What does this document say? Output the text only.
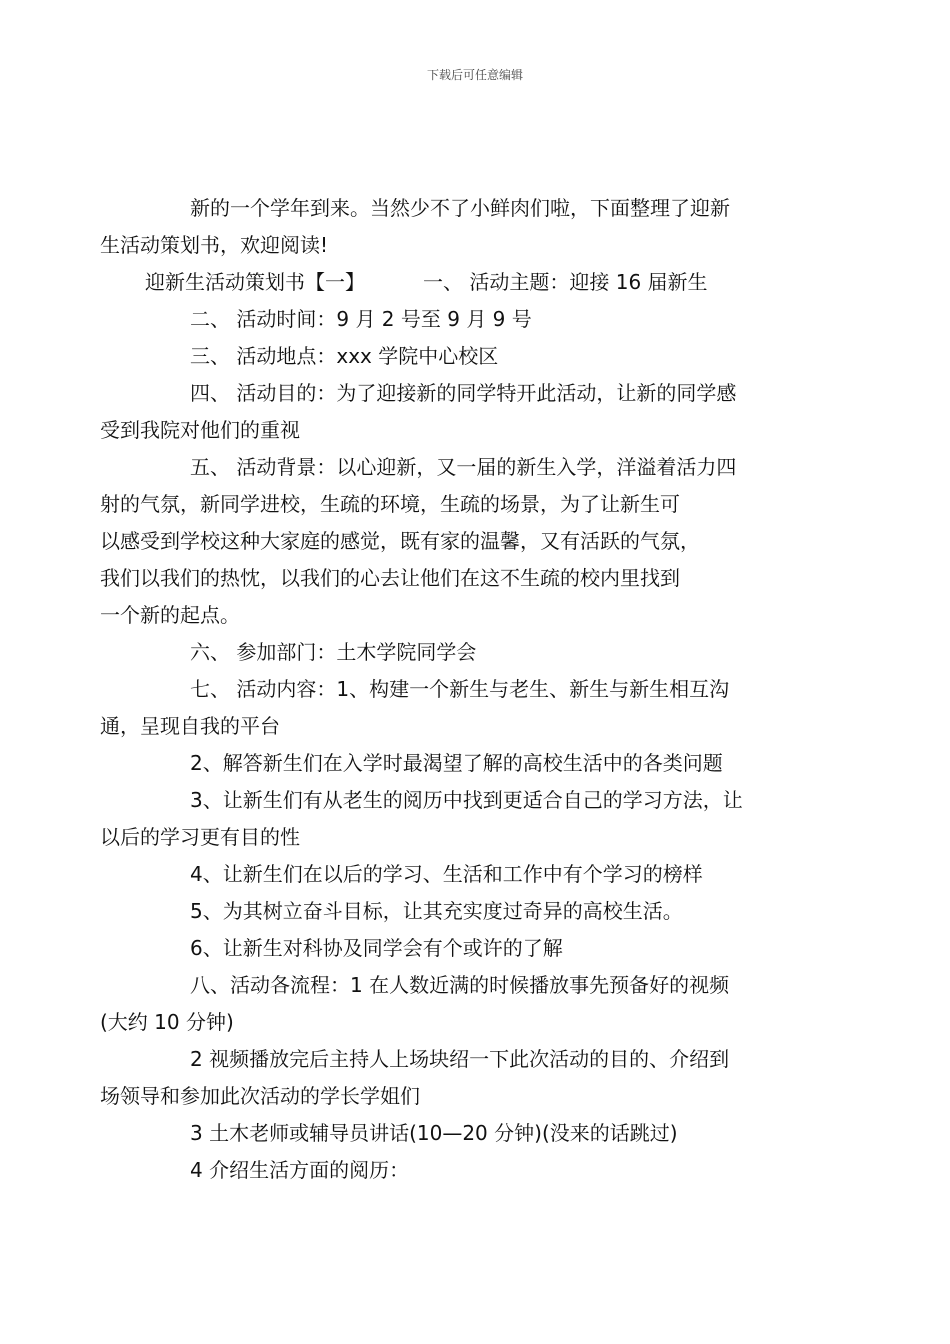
下载后可任意编辑
新的一个学年到来。当然少不了小鲜肉们啦，下面整理了迎新
生活动策划书，欢迎阅读!
迎新生活动策划书【一】	一、 活动主题：迎接 16 届新生
二、 活动时间：9 月 2 号至 9 月 9 号
三、 活动地点：xxx 学院中心校区
四、 活动目的：为了迎接新的同学特开此活动，让新的同学感
受到我院对他们的重视
五、 活动背景：以心迎新，又一届的新生入学，洋溢着活力四
射的气氛，新同学进校，生疏的环境，生疏的场景，为了让新生可
以感受到学校这种大家庭的感觉，既有家的温馨，又有活跃的气氛，
我们以我们的热忱，以我们的心去让他们在这不生疏的校内里找到
一个新的起点。
六、 参加部门：土木学院同学会
七、 活动内容：1、构建一个新生与老生、新生与新生相互沟
通，呈现自我的平台
2、解答新生们在入学时最渴望了解的高校生活中的各类问题
3、让新生们有从老生的阅历中找到更适合自己的学习方法，让
以后的学习更有目的性
4、让新生们在以后的学习、生活和工作中有个学习的榜样
5、为其树立奋斗目标，让其充实度过奇异的高校生活。
6、让新生对科协及同学会有个或许的了解
八、活动各流程：1 在人数近满的时候播放事先预备好的视频
(大约 10 分钟)
2 视频播放完后主持人上场块绍一下此次活动的目的、介绍到
场领导和参加此次活动的学长学姐们
3 土木老师或辅导员讲话(10—20 分钟)(没来的话跳过)
4 介绍生活方面的阅历：
